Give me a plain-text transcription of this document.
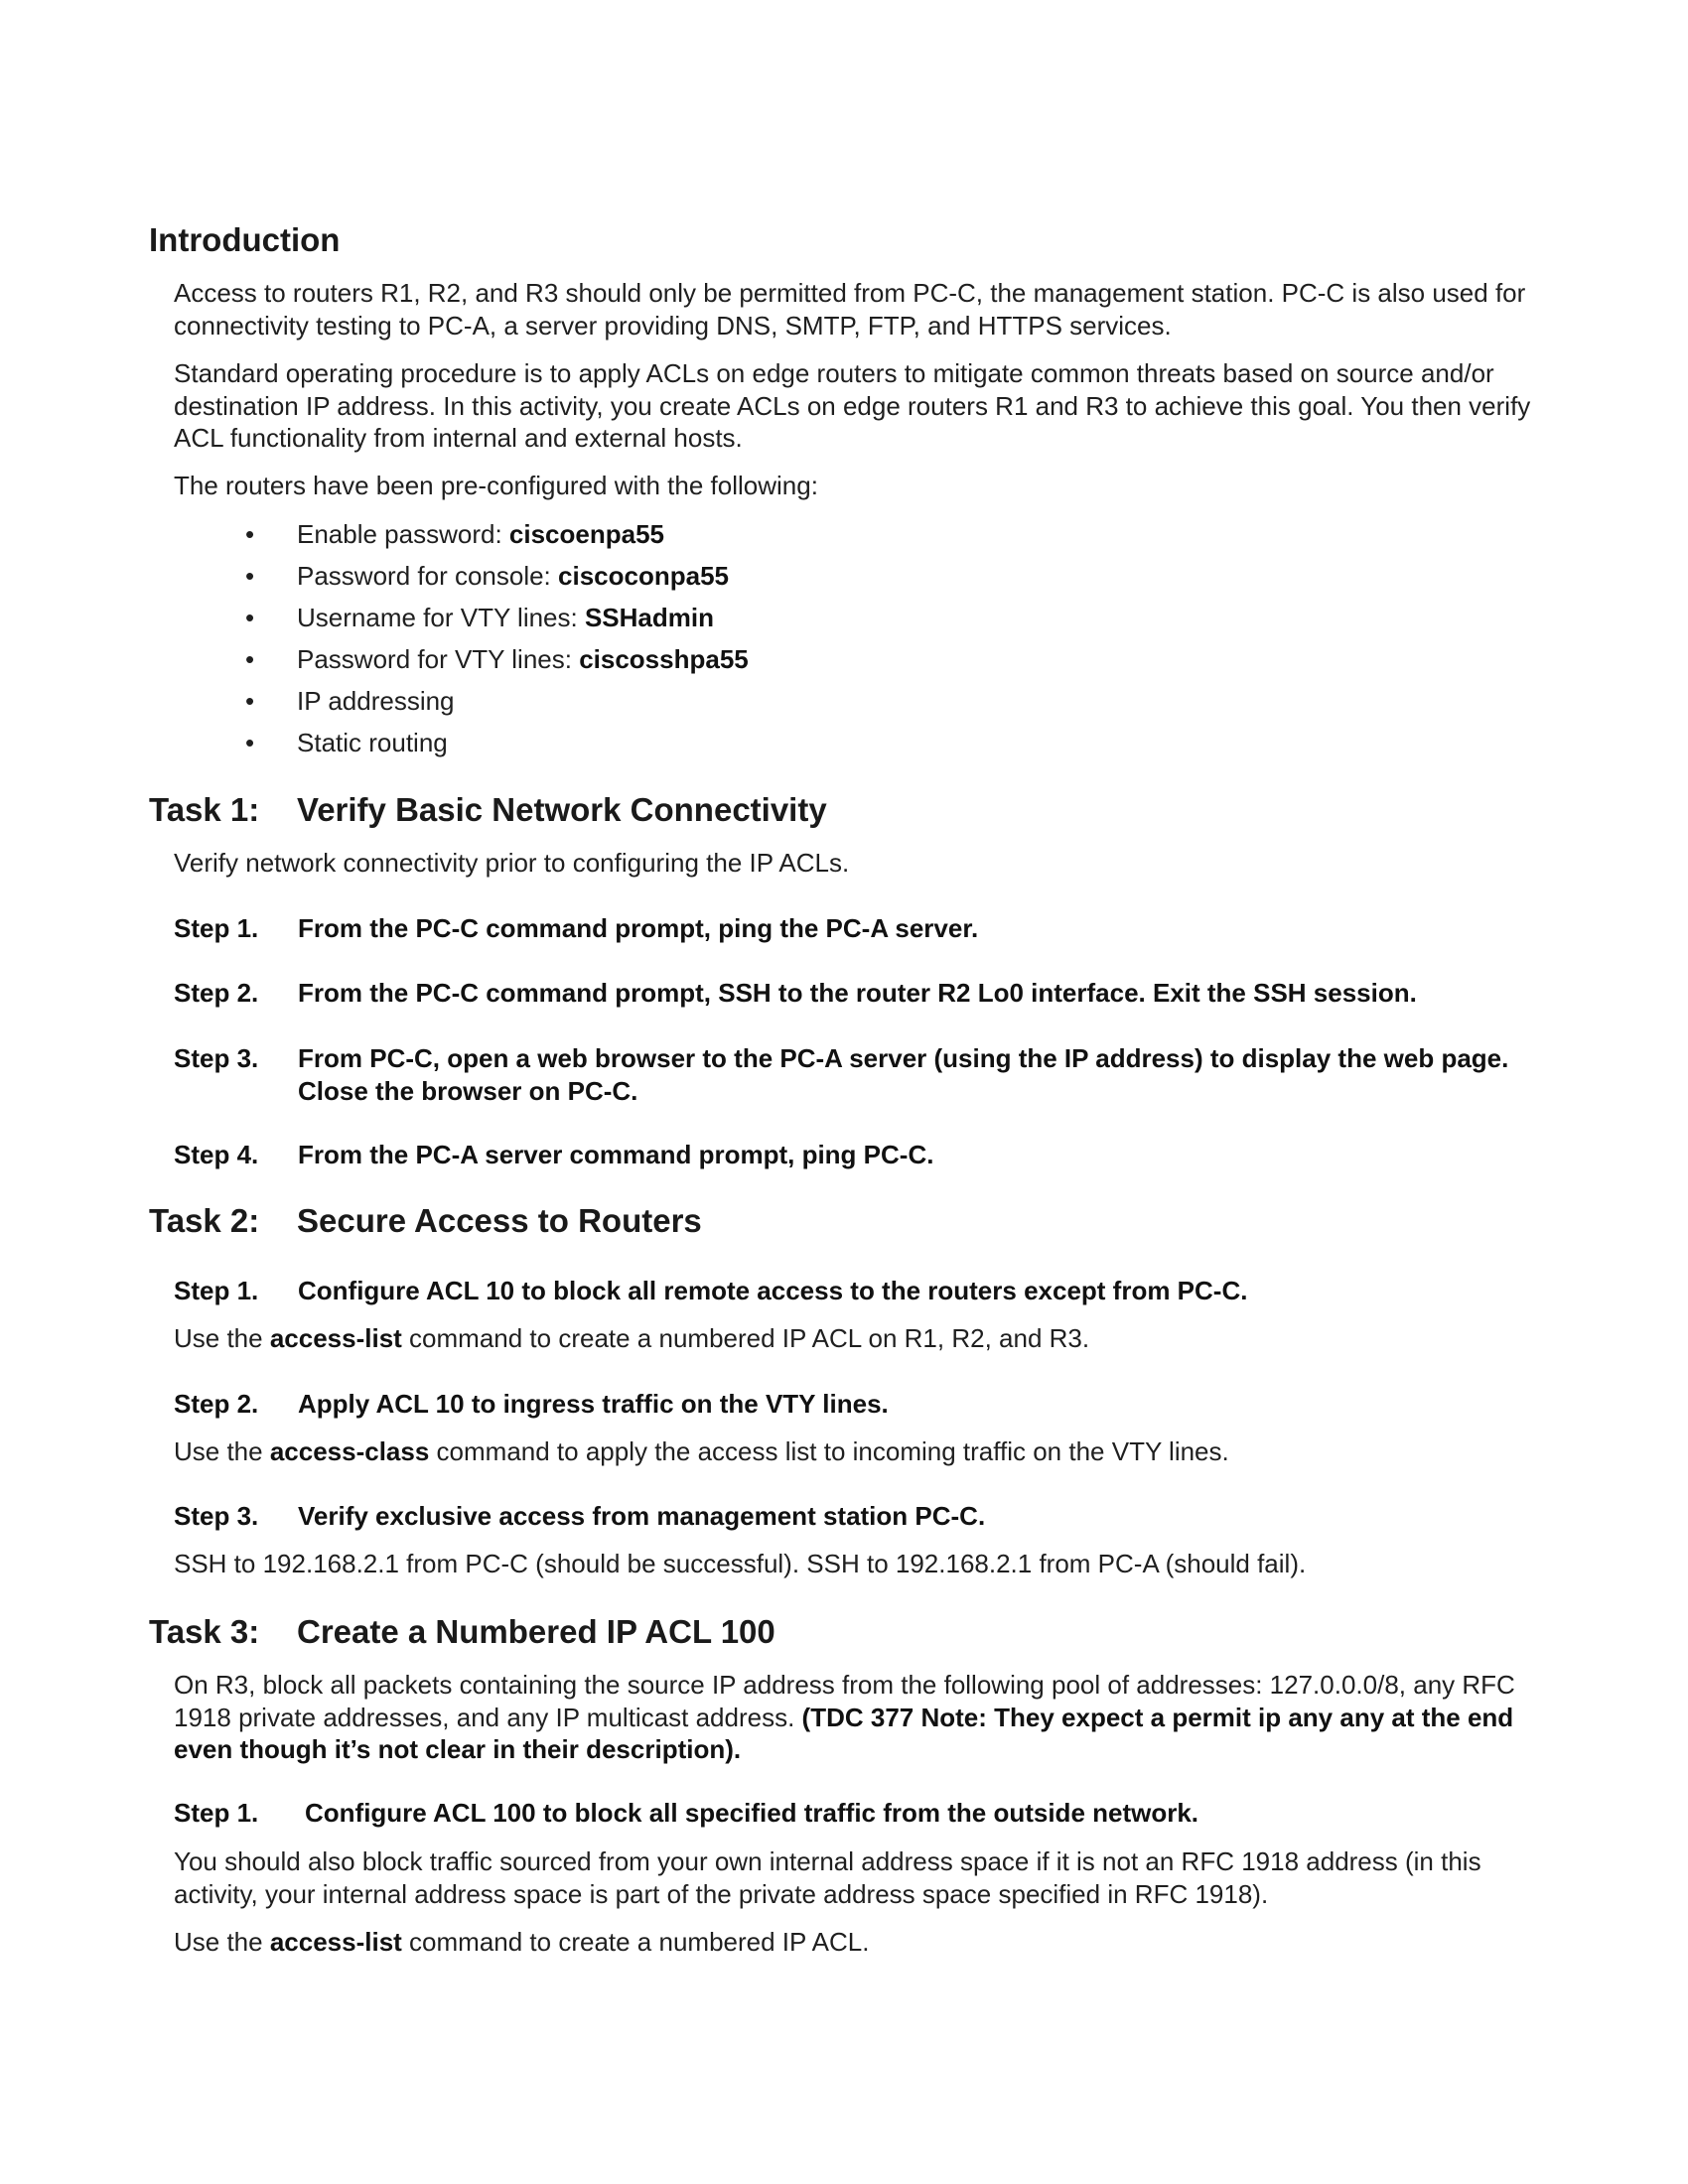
Introduction
Access to routers R1, R2, and R3 should only be permitted from PC-C, the management station. PC-C is also used for connectivity testing to PC-A, a server providing DNS, SMTP, FTP, and HTTPS services.
Standard operating procedure is to apply ACLs on edge routers to mitigate common threats based on source and/or destination IP address. In this activity, you create ACLs on edge routers R1 and R3 to achieve this goal. You then verify ACL functionality from internal and external hosts.
The routers have been pre-configured with the following:
•	Enable password: ciscoenpa55
•	Password for console: ciscoconpa55
•	Username for VTY lines: SSHadmin
•	Password for VTY lines: ciscosshpa55
•	IP addressing
•	Static routing
Task 1: Verify Basic Network Connectivity
Verify network connectivity prior to configuring the IP ACLs.
Step 1. From the PC-C command prompt, ping the PC-A server.
Step 2. From the PC-C command prompt, SSH to the router R2 Lo0 interface. Exit the SSH session.
Step 3. From PC-C, open a web browser to the PC-A server (using the IP address) to display the web page. Close the browser on PC-C.
Step 4. From the PC-A server command prompt, ping PC-C.
Task 2: Secure Access to Routers
Step 1. Configure ACL 10 to block all remote access to the routers except from PC-C.
Use the access-list command to create a numbered IP ACL on R1, R2, and R3.
Step 2. Apply ACL 10 to ingress traffic on the VTY lines.
Use the access-class command to apply the access list to incoming traffic on the VTY lines.
Step 3. Verify exclusive access from management station PC-C.
SSH to 192.168.2.1 from PC-C (should be successful). SSH to 192.168.2.1 from PC-A (should fail).
Task 3: Create a Numbered IP ACL 100
On R3, block all packets containing the source IP address from the following pool of addresses: 127.0.0.0/8, any RFC 1918 private addresses, and any IP multicast address. (TDC 377 Note: They expect a permit ip any any at the end even though it’s not clear in their description).
Step 1. Configure ACL 100 to block all specified traffic from the outside network.
You should also block traffic sourced from your own internal address space if it is not an RFC 1918 address (in this activity, your internal address space is part of the private address space specified in RFC 1918).
Use the access-list command to create a numbered IP ACL.
